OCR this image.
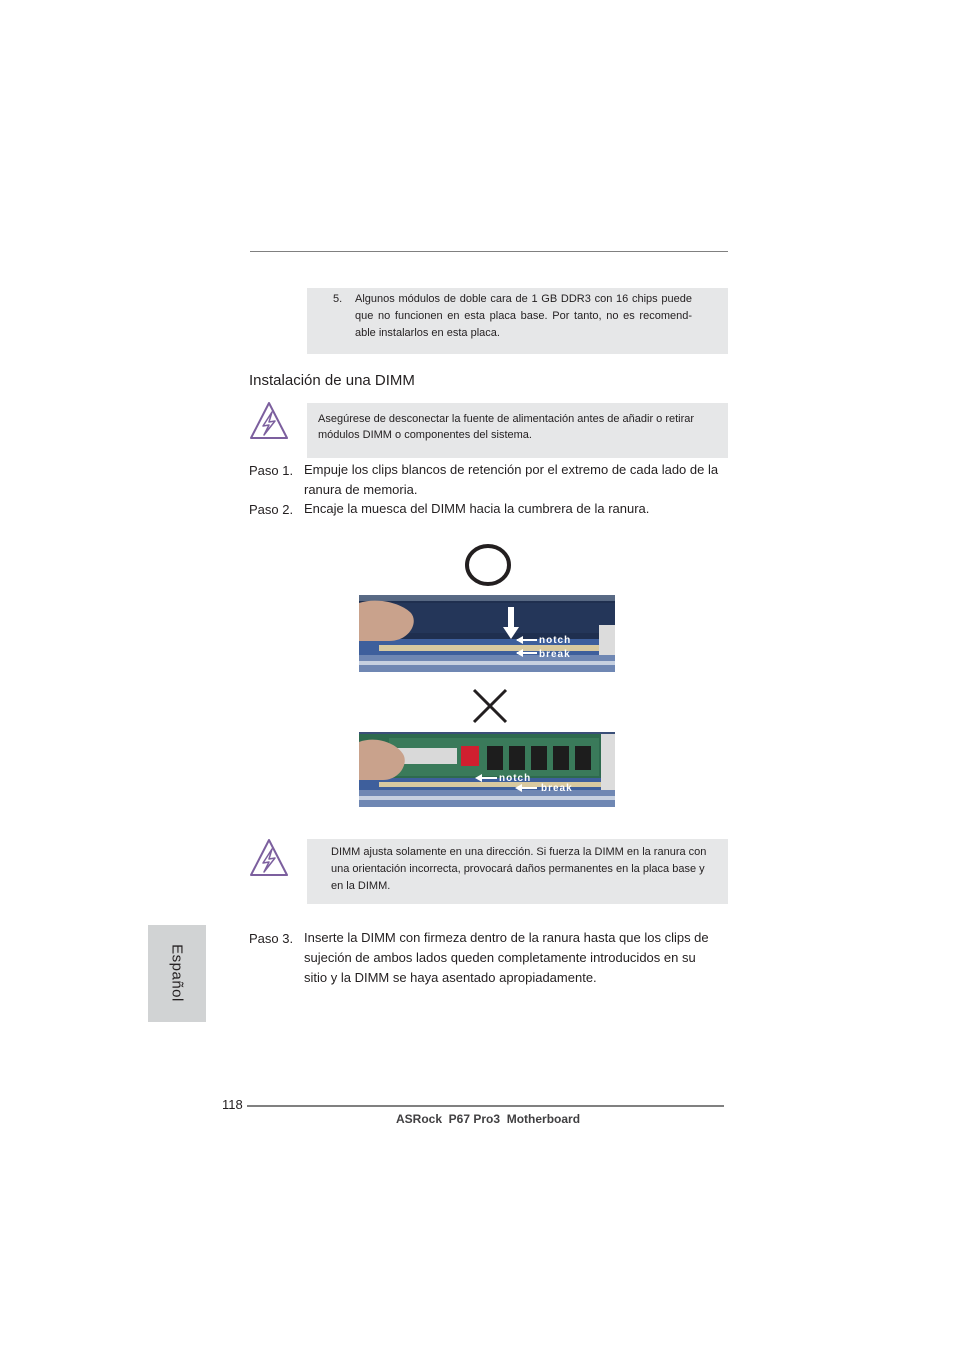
5. Algunos módulos de doble cara de 1 GB DDR3 con 16 chips puede que no funcionen en esta placa base. Por tanto, no es recomend-able instalarlos en esta placa.
Instalación de una DIMM
Asegúrese de desconectar la fuente de alimentación antes de añadir o retirar módulos DIMM o componentes del sistema.
Paso 1. Empuje los clips blancos de retención por el extremo de cada lado de la ranura de memoria.
Paso 2. Encaje la muesca del DIMM hacia la cumbrera de la ranura.
notch
break
notch
break
DIMM ajusta solamente en una dirección. Si fuerza la DIMM en la ranura con una orientación incorrecta, provocará daños permanentes en la placa base y en la DIMM.
Paso 3. Inserte la DIMM con firmeza dentro de la ranura hasta que los clips de sujeción de ambos lados queden completamente introducidos en su sitio y la DIMM se haya asentado apropiadamente.
Español
118
ASRock  P67 Pro3  Motherboard
